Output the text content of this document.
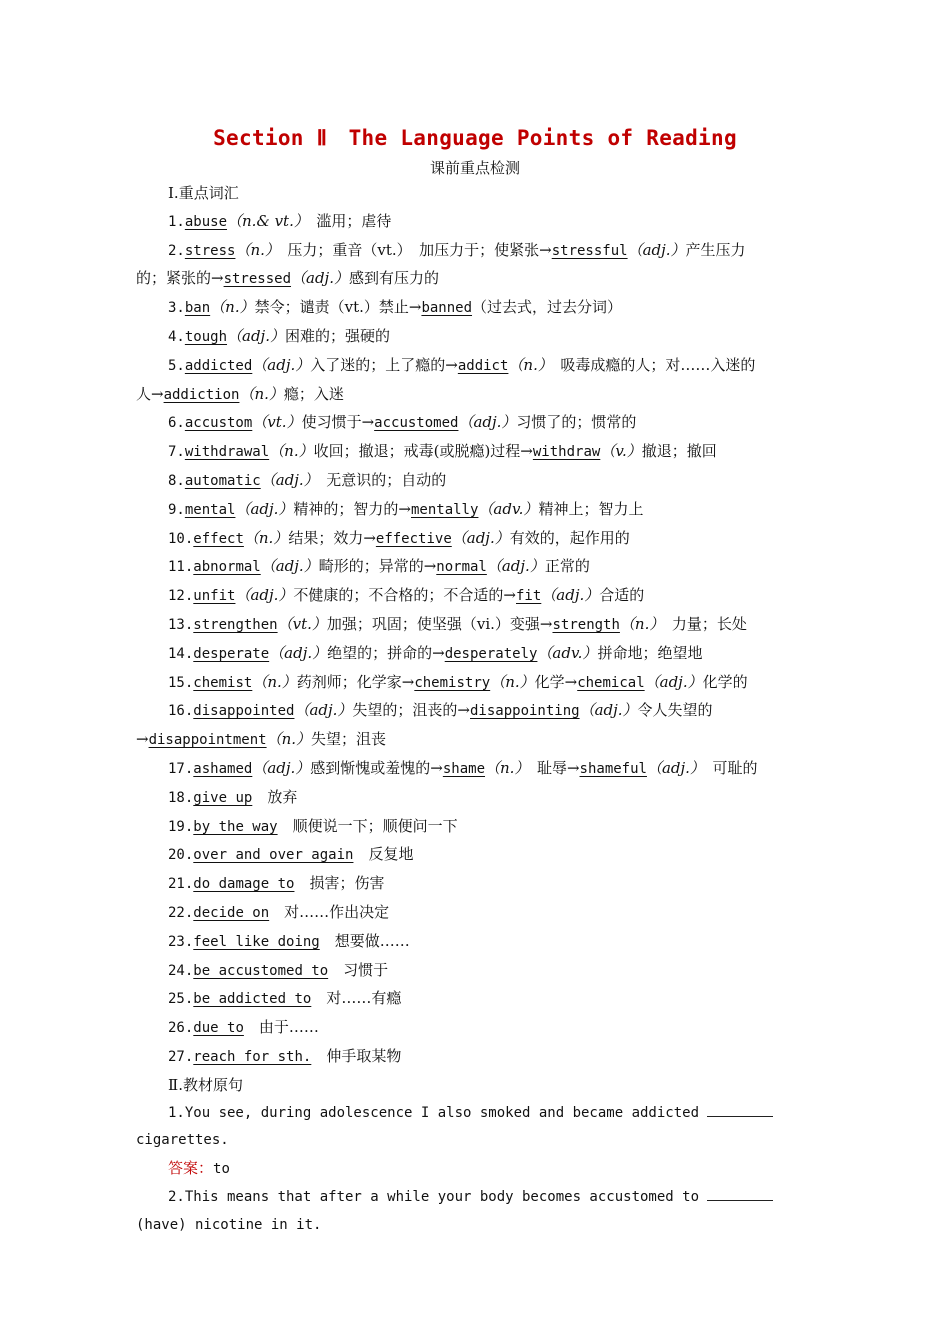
Section Ⅱ　The Language Points of Reading
课前重点检测
Ⅰ.重点词汇
1.abuse（n.& vt.）　滥用；虐待
2.stress（n.）　压力；重音（vt.）　加压力于；使紧张→stressful（adj.）产生压力
的；紧张的→stressed（adj.）感到有压力的
3.ban（n.）禁令；谴责（vt.）禁止→banned（过去式，过去分词）
4.tough（adj.）困难的；强硬的
5.addicted（adj.）入了迷的；上了瘾的→addict（n.）　吸毒成瘾的人；对……入迷的
人→addiction（n.）瘾；入迷
6.accustom（vt.）使习惯于→accustomed（adj.）习惯了的；惯常的
7.withdrawal（n.）收回；撤退；戒毒(或脱瘾)过程→withdraw（v.）撤退；撤回
8.automatic（adj.）　无意识的；自动的
9.mental（adj.）精神的；智力的→mentally（adv.）精神上；智力上
10.effect（n.）结果；效力→effective（adj.）有效的，起作用的
11.abnormal（adj.）畸形的；异常的→normal（adj.）正常的
12.unfit（adj.）不健康的；不合格的；不合适的→fit（adj.）合适的
13.strengthen（vt.）加强；巩固；使坚强（vi.）变强→strength（n.）　力量；长处
14.desperate（adj.）绝望的；拼命的→desperately（adv.）拼命地；绝望地
15.chemist（n.）药剂师；化学家→chemistry（n.）化学→chemical（adj.）化学的
16.disappointed（adj.）失望的；沮丧的→disappointing（adj.）令人失望的
→disappointment（n.）失望；沮丧
17.ashamed（adj.）感到惭愧或羞愧的→shame（n.）　耻辱→shameful（adj.）　可耻的
18.give up　放弃
19.by the way　顺便说一下；顺便问一下
20.over and over again　反复地
21.do damage to　损害；伤害
22.decide on　对……作出决定
23.feel like doing　想要做……
24.be accustomed to　习惯于
25.be addicted to　对……有瘾
26.due to　由于……
27.reach for sth.　伸手取某物
Ⅱ.教材原句
1.You see, during adolescence I also smoked and became addicted
cigarettes.
答案：to
2.This means that after a while your body becomes accustomed to
(have) nicotine in it.
